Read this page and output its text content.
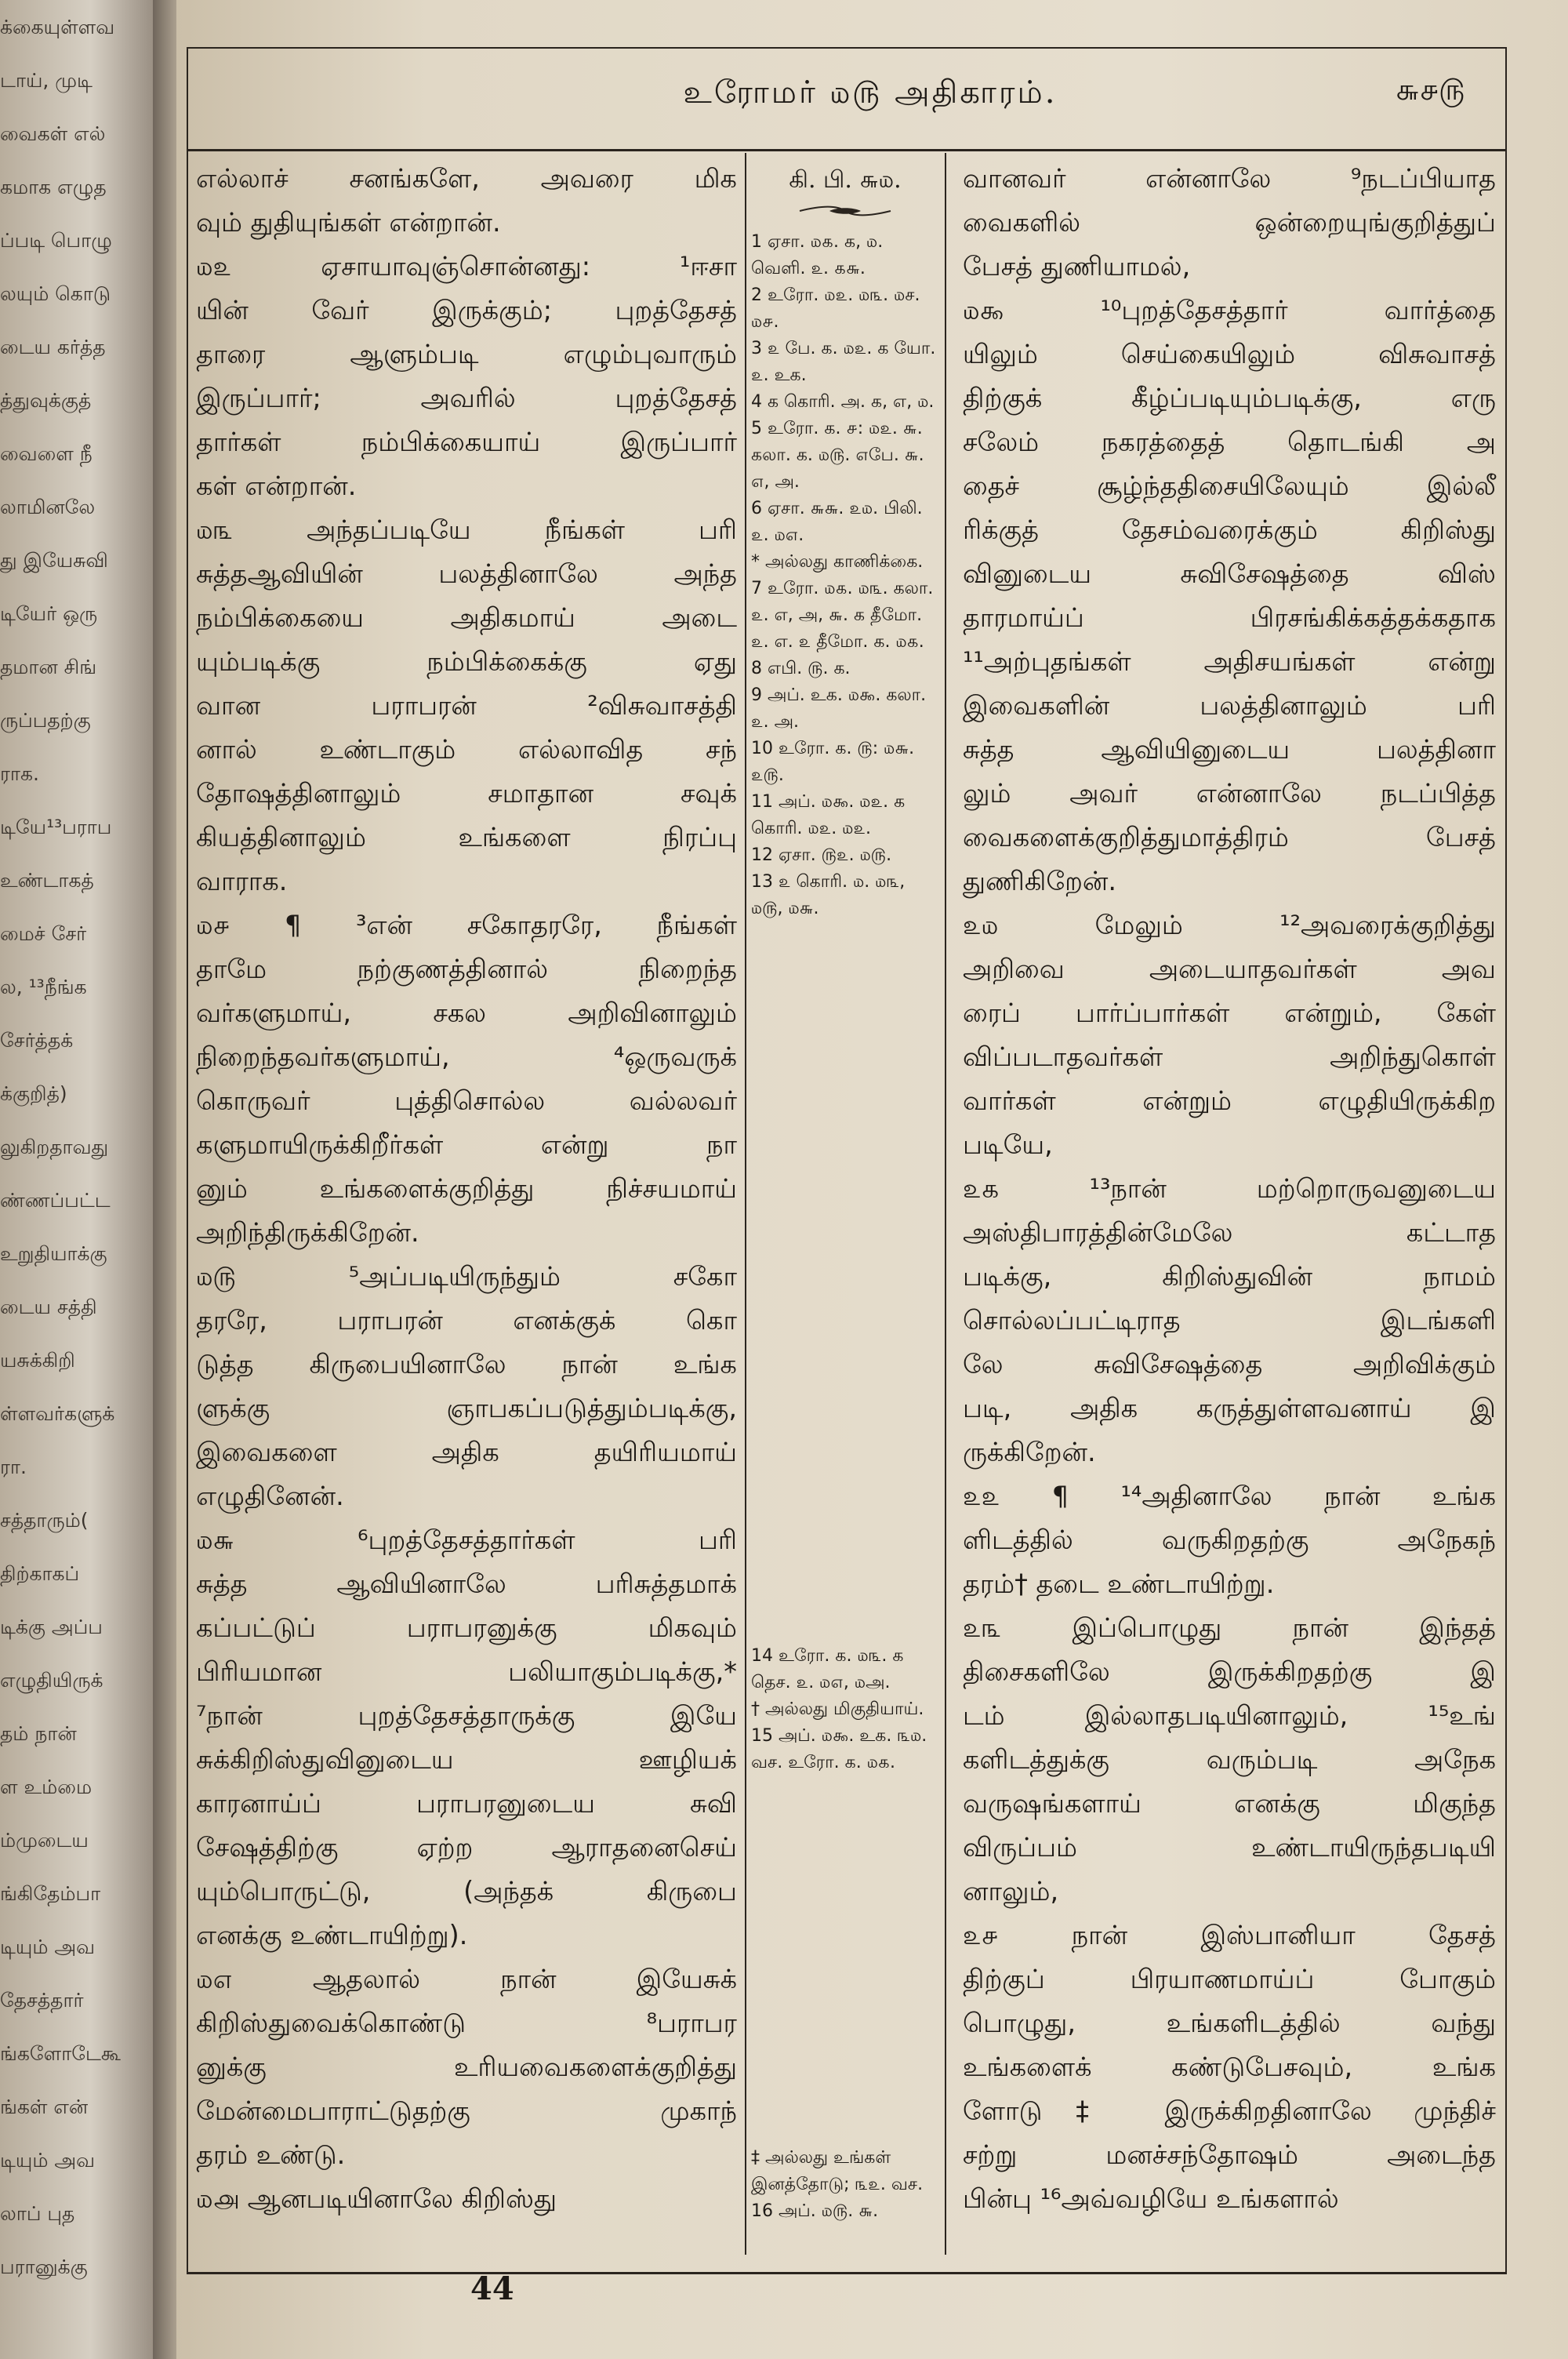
க்கையுள்ளவ
டாய், முடி
வைகள் எல்
கமாக எழுத
ப்படி பொழு
லயும் கொடு
டைய கர்த்த
த்துவுக்குத்
வைளை நீ
லாமினலே
து இயேசுவி
டியேர் ஒரு
தமான சிங்
ருப்பதற்கு
ராக.
டியே¹³பராப
உண்டாகத்
மைச் சேர்
ல, ¹³நீங்க
சேர்த்தக்
க்குறித்)
லுகிறதாவது
ண்ணப்பட்ட
உறுதியாக்கு
டைய சத்தி
யசுக்கிறி
ள்ளவர்களுக்
ரா.
சத்தாரும்(
திற்காகப்
டிக்கு அப்ப
எழுதியிருக்
தம் நான்
ள உம்மை
ம்முடைய
ங்கிதேம்பா
டியும் அவ
தேசத்தார்
ங்களோடேகூ
ங்கள் என்
டியும் அவ
லாப் புத
பரானுக்கு
உரோமர் ௰௫ அதிகாரம்.	௬௪௫

எல்லாச் சனங்களே, அவரை மிக
வும் துதியுங்கள் என்றான்.

௰௨ ஏசாயாவுஞ்சொன்னது: ¹ஈசா
யின் வேர் இருக்கும்; புறத்தேசத்
தாரை ஆளும்படி எழும்புவாரும்
இருப்பார்; அவரில் புறத்தேசத்
தார்கள் நம்பிக்கையாய் இருப்பார்
கள் என்றான்.

௰௩ அந்தப்படியே நீங்கள் பரி
சுத்தஆவியின் பலத்தினாலே அந்த
நம்பிக்கையை அதிகமாய் அடை
யும்படிக்கு நம்பிக்கைக்கு ஏது
வான பராபரன் ²விசுவாசத்தி
னால் உண்டாகும் எல்லாவித சந்
தோஷத்தினாலும் சமாதான சவுக்
கியத்தினாலும் உங்களை நிரப்பு
வாராக.

௰௪ ¶ ³என் சகோதரரே, நீங்கள்
தாமே நற்குணத்தினால் நிறைந்த
வர்களுமாய், சகல அறிவினாலும்
நிறைந்தவர்களுமாய், ⁴ஒருவருக்
கொருவர் புத்திசொல்ல வல்லவர்
களுமாயிருக்கிறீர்கள் என்று நா
னும் உங்களைக்குறித்து நிச்சயமாய்
அறிந்திருக்கிறேன்.

௰௫ ⁵அப்படியிருந்தும் சகோ
தரரே, பராபரன் எனக்குக் கொ
டுத்த கிருபையினாலே நான் உங்க
ளுக்கு ஞாபகப்படுத்தும்படிக்கு,
இவைகளை அதிக தயிரியமாய்
எழுதினேன்.

௰௬ ⁶புறத்தேசத்தார்கள் பரி
சுத்த ஆவியினாலே பரிசுத்தமாக்
கப்பட்டுப் பராபரனுக்கு மிகவும்
பிரியமான பலியாகும்படிக்கு,*
⁷நான் புறத்தேசத்தாருக்கு இயே
சுக்கிறிஸ்துவினுடைய ஊழியக்
காரனாய்ப் பராபரனுடைய சுவி
சேஷத்திற்கு ஏற்ற ஆராதனைசெய்
யும்பொருட்டு, (அந்தக் கிருபை
எனக்கு உண்டாயிற்று).

௰௭ ஆதலால் நான் இயேசுக்
கிறிஸ்துவைக்கொண்டு ⁸பராபர
னுக்கு உரியவைகளைக்குறித்து
மேன்மைபாராட்டுதற்கு முகாந்
தரம் உண்டு.

௰௮ ஆனபடியினாலே கிறிஸ்து

கி. பி. ௬௰.
1 ஏசா. ௰௧. க, ௰. வெளி. ௨. ௧௬.
2 உரோ. ௰௨. ௰௩. ௰ச. ௰௪.
3 ௨ பே. க. ௰௨. க யோ. ௨. உக.
4 க கொரி. அ. க, எ, ௰.
5 உரோ. க. ௪: ௰௨. ௬. கலா. க. ௰௫. ௭பே. ௬. ௭, அ.
6 ஏசா. ௬௬. ௨௰. பிலி. ௨. ௰௭.
* அல்லது காணிக்கை.
7 உரோ. ௰௧. ௰௩. கலா. ௨. எ, அ, ௬. க தீமோ. ௨. எ. ௨ தீமோ. க. ௰௧.
8 எபி. ௫. க.
9 அப். உக. ௰௯. கலா. ௨. அ.
10 உரோ. க. ௫: ௰௬. ௨௫.
11 அப். ௰௯. ௰௨. க கொரி. ௰௨. ௰௨.
12 ஏசா. ௫௨. ௰௫.
13 ௨ கொரி. ௰. ௰௩, ௰௫, ௰௬.
14 உரோ. க. ௰௩. க தெச. ௨. ௰௭, ௰அ.
† அல்லது மிகுதியாய்.
15 அப். ௰௯. உக. ௩௰. வச. உரோ. க. ௰௧.
‡ அல்லது உங்கள் இனத்தோடு; ௩௨. வச.
16 அப். ௰௫. ௬.

வானவர் என்னாலே ⁹நடப்பியாத
வைகளில் ஒன்றையுங்குறித்துப்
பேசத் துணியாமல்,

௰௯ ¹⁰புறத்தேசத்தார் வார்த்தை
யிலும் செய்கையிலும் விசுவாசத்
திற்குக் கீழ்ப்படியும்படிக்கு, எரு
சலேம் நகரத்தைத் தொடங்கி அ
தைச் சூழ்ந்ததிசையிலேயும் இல்லீ
ரிக்குத் தேசம்வரைக்கும் கிறிஸ்து
வினுடைய சுவிசேஷத்தை விஸ்
தாரமாய்ப் பிரசங்கிக்கத்தக்கதாக
¹¹அற்புதங்கள் அதிசயங்கள் என்று
இவைகளின் பலத்தினாலும் பரி
சுத்த ஆவியினுடைய பலத்தினா
லும் அவர் என்னாலே நடப்பித்த
வைகளைக்குறித்துமாத்திரம் பேசத்
துணிகிறேன்.

௨௰ மேலும் ¹²அவரைக்குறித்து
அறிவை அடையாதவர்கள் அவ
ரைப் பார்ப்பார்கள் என்றும், கேள்
விப்படாதவர்கள் அறிந்துகொள்
வார்கள் என்றும் எழுதியிருக்கிற
படியே,

௨௧ ¹³நான் மற்றொருவனுடைய
அஸ்திபாரத்தின்மேலே கட்டாத
படிக்கு, கிறிஸ்துவின் நாமம்
சொல்லப்பட்டிராத இடங்களி
லே சுவிசேஷத்தை அறிவிக்கும்
படி, அதிக கருத்துள்ளவனாய் இ
ருக்கிறேன்.

௨௨ ¶ ¹⁴அதினாலே நான் உங்க
ளிடத்தில் வருகிறதற்கு அநேகந்
தரம்† தடை உண்டாயிற்று.

௨௩ இப்பொழுது நான் இந்தத்
திசைகளிலே இருக்கிறதற்கு இ
டம் இல்லாதபடியினாலும், ¹⁵உங்
களிடத்துக்கு வரும்படி அநேக
வருஷங்களாய் எனக்கு மிகுந்த
விருப்பம் உண்டாயிருந்தபடியி
னாலும்,

௨௪ நான் இஸ்பானியா தேசத்
திற்குப் பிரயாணமாய்ப் போகும்
பொழுது, உங்களிடத்தில் வந்து
உங்களைக் கண்டுபேசவும், உங்க
ளோடு‡ இருக்கிறதினாலே முந்திச்
சற்று மனச்சந்தோஷம் அடைந்த
பின்பு ¹⁶அவ்வழியே உங்களால்

44
